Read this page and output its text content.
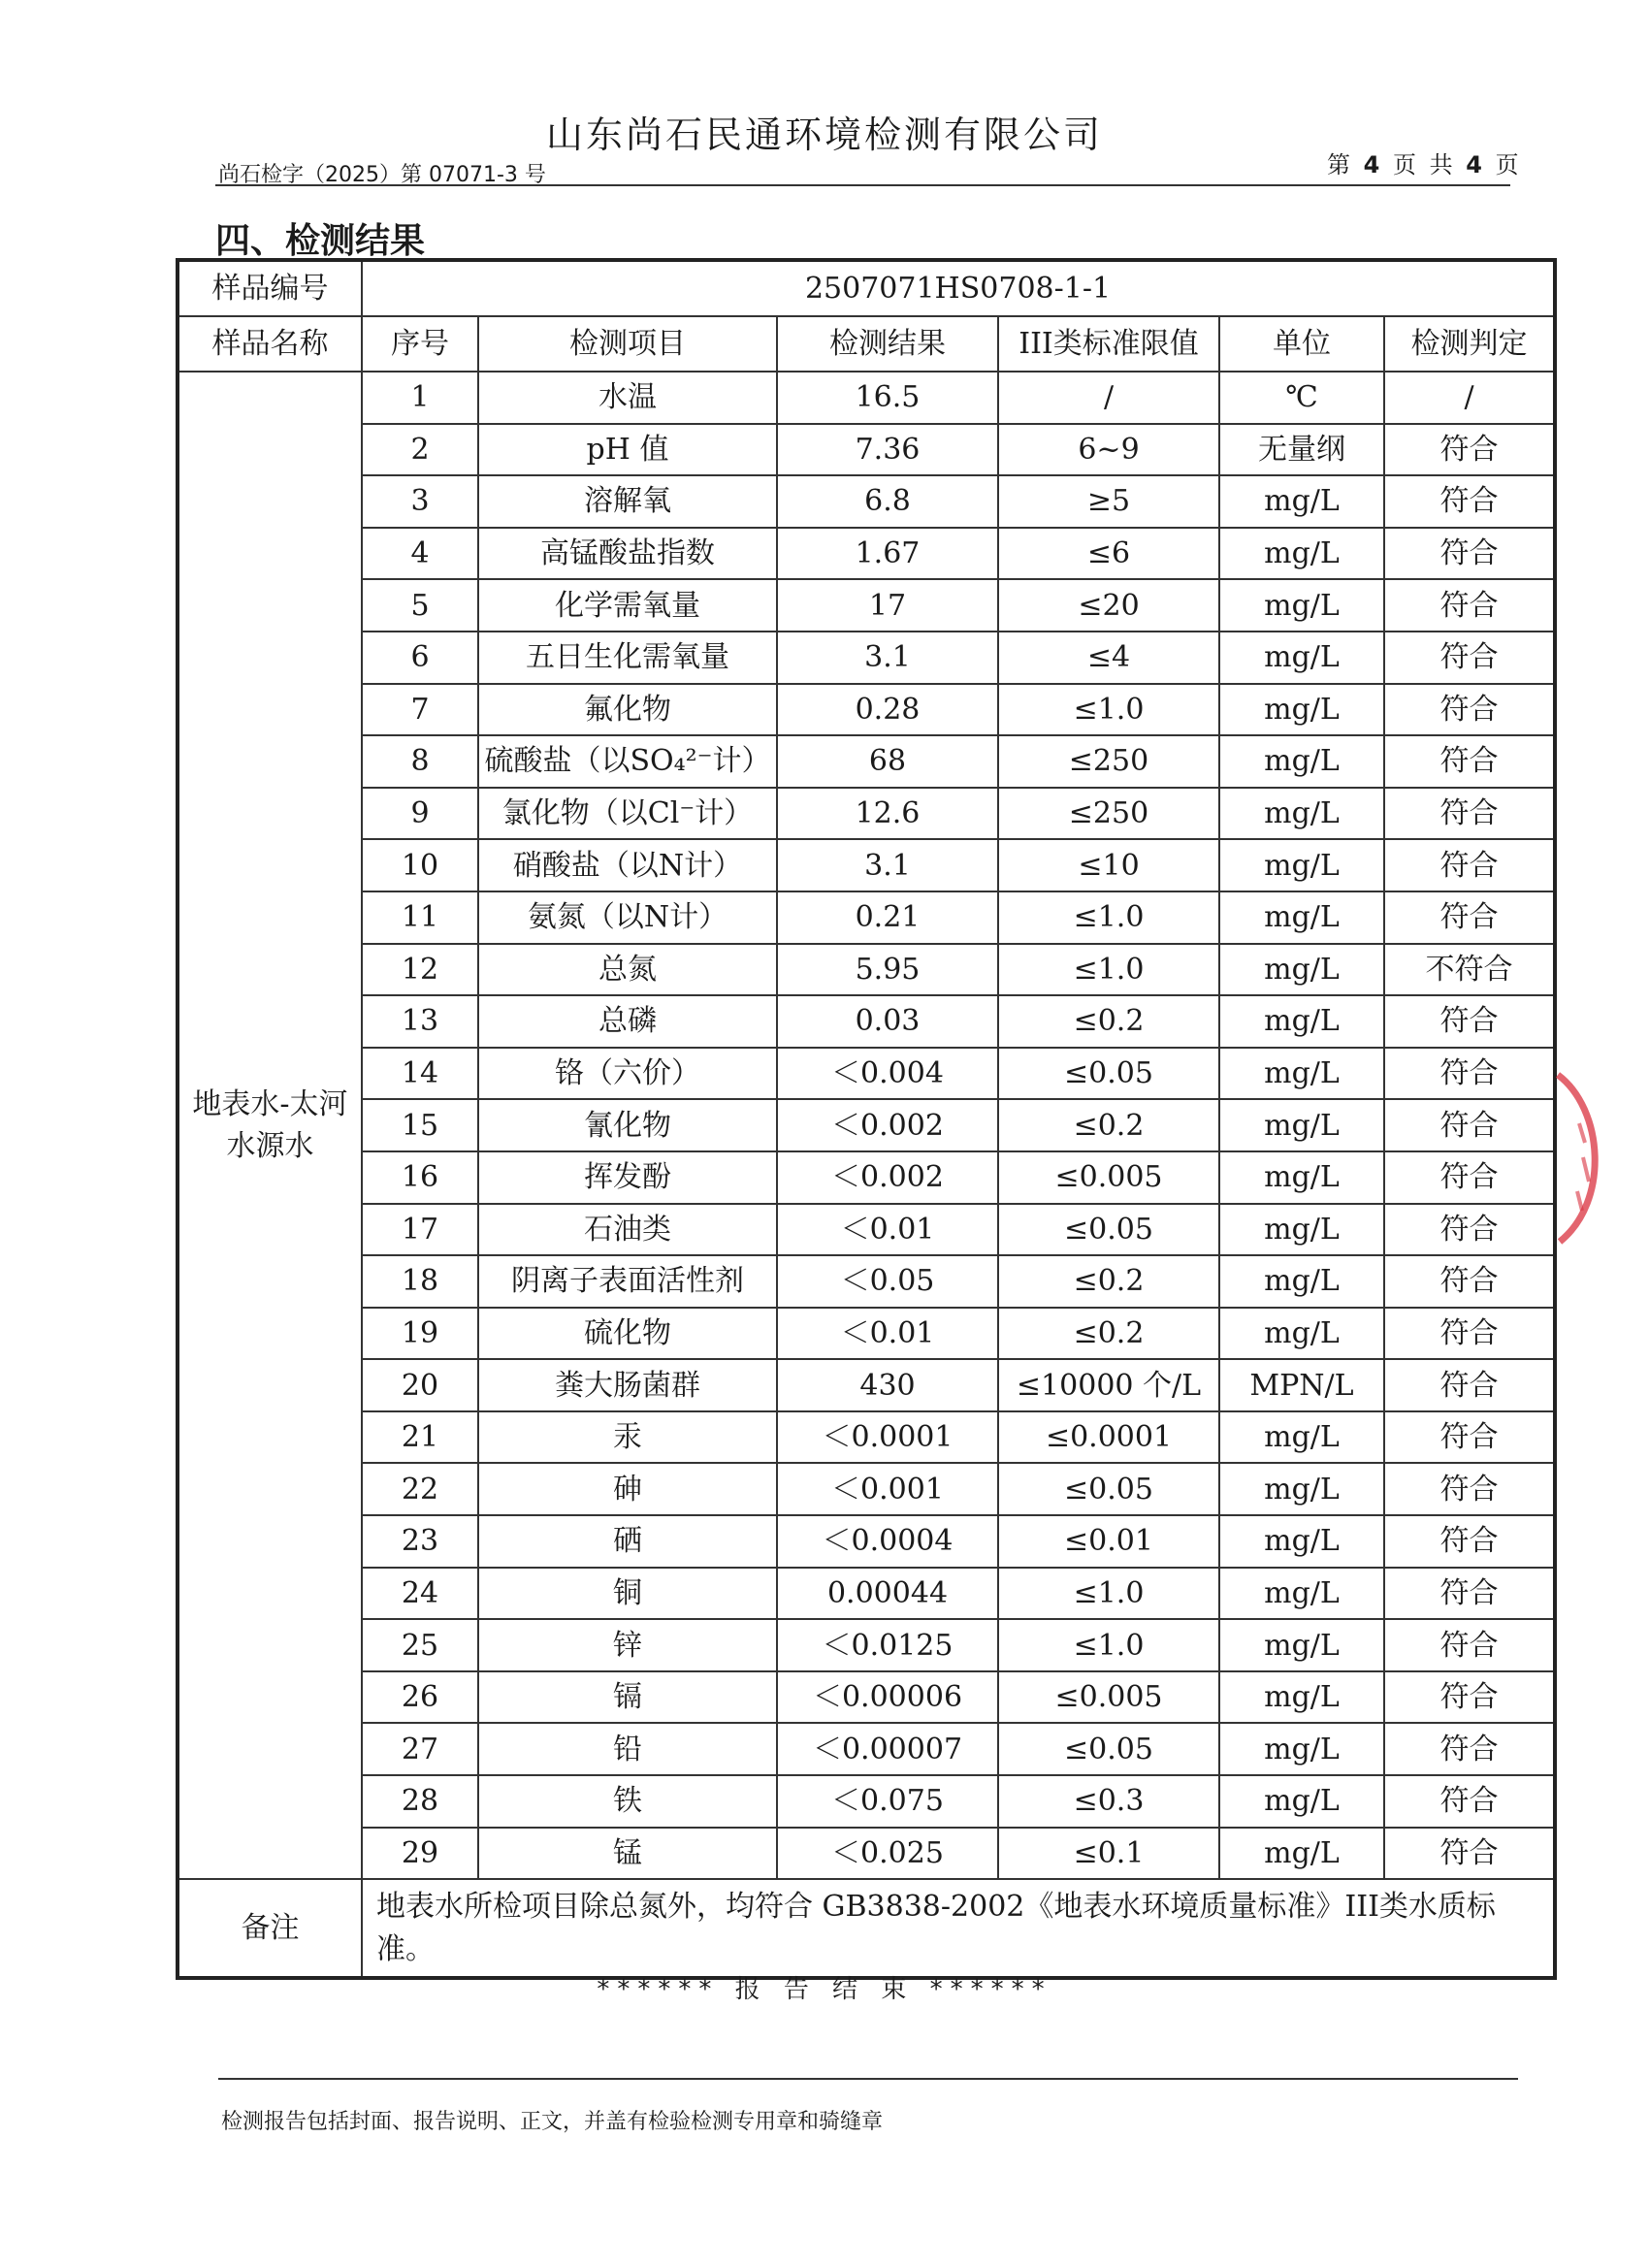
山东尚石民通环境检测有限公司
尚石检字（2025）第 07071-3 号	第 4 页 共 4 页
四、检测结果
样品编号	2507071HS0708-1-1					
样品名称	序号	检测项目	检测结果	III类标准限值	单位	检测判定
地表水-太河水源水	1	水温	16.5	/	℃	/
	2	pH 值	7.36	6~9	无量纲	符合
	3	溶解氧	6.8	≥5	mg/L	符合
	4	高锰酸盐指数	1.67	≤6	mg/L	符合
	5	化学需氧量	17	≤20	mg/L	符合
	6	五日生化需氧量	3.1	≤4	mg/L	符合
	7	氟化物	0.28	≤1.0	mg/L	符合
	8	硫酸盐（以SO₄²⁻计）	68	≤250	mg/L	符合
	9	氯化物（以Cl⁻计）	12.6	≤250	mg/L	符合
	10	硝酸盐（以N计）	3.1	≤10	mg/L	符合
	11	氨氮（以N计）	0.21	≤1.0	mg/L	符合
	12	总氮	5.95	≤1.0	mg/L	不符合
	13	总磷	0.03	≤0.2	mg/L	符合
	14	铬（六价）	＜0.004	≤0.05	mg/L	符合
	15	氰化物	＜0.002	≤0.2	mg/L	符合
	16	挥发酚	＜0.002	≤0.005	mg/L	符合
	17	石油类	＜0.01	≤0.05	mg/L	符合
	18	阴离子表面活性剂	＜0.05	≤0.2	mg/L	符合
	19	硫化物	＜0.01	≤0.2	mg/L	符合
	20	粪大肠菌群	430	≤10000 个/L	MPN/L	符合
	21	汞	＜0.0001	≤0.0001	mg/L	符合
	22	砷	＜0.001	≤0.05	mg/L	符合
	23	硒	＜0.0004	≤0.01	mg/L	符合
	24	铜	0.00044	≤1.0	mg/L	符合
	25	锌	＜0.0125	≤1.0	mg/L	符合
	26	镉	＜0.00006	≤0.005	mg/L	符合
	27	铅	＜0.00007	≤0.05	mg/L	符合
	28	铁	＜0.075	≤0.3	mg/L	符合
	29	锰	＜0.025	≤0.1	mg/L	符合
备注	地表水所检项目除总氮外，均符合 GB3838-2002《地表水环境质量标准》III类水质标准。					
****** 报 告 结 束 ******
检测报告包括封面、报告说明、正文，并盖有检验检测专用章和骑缝章
